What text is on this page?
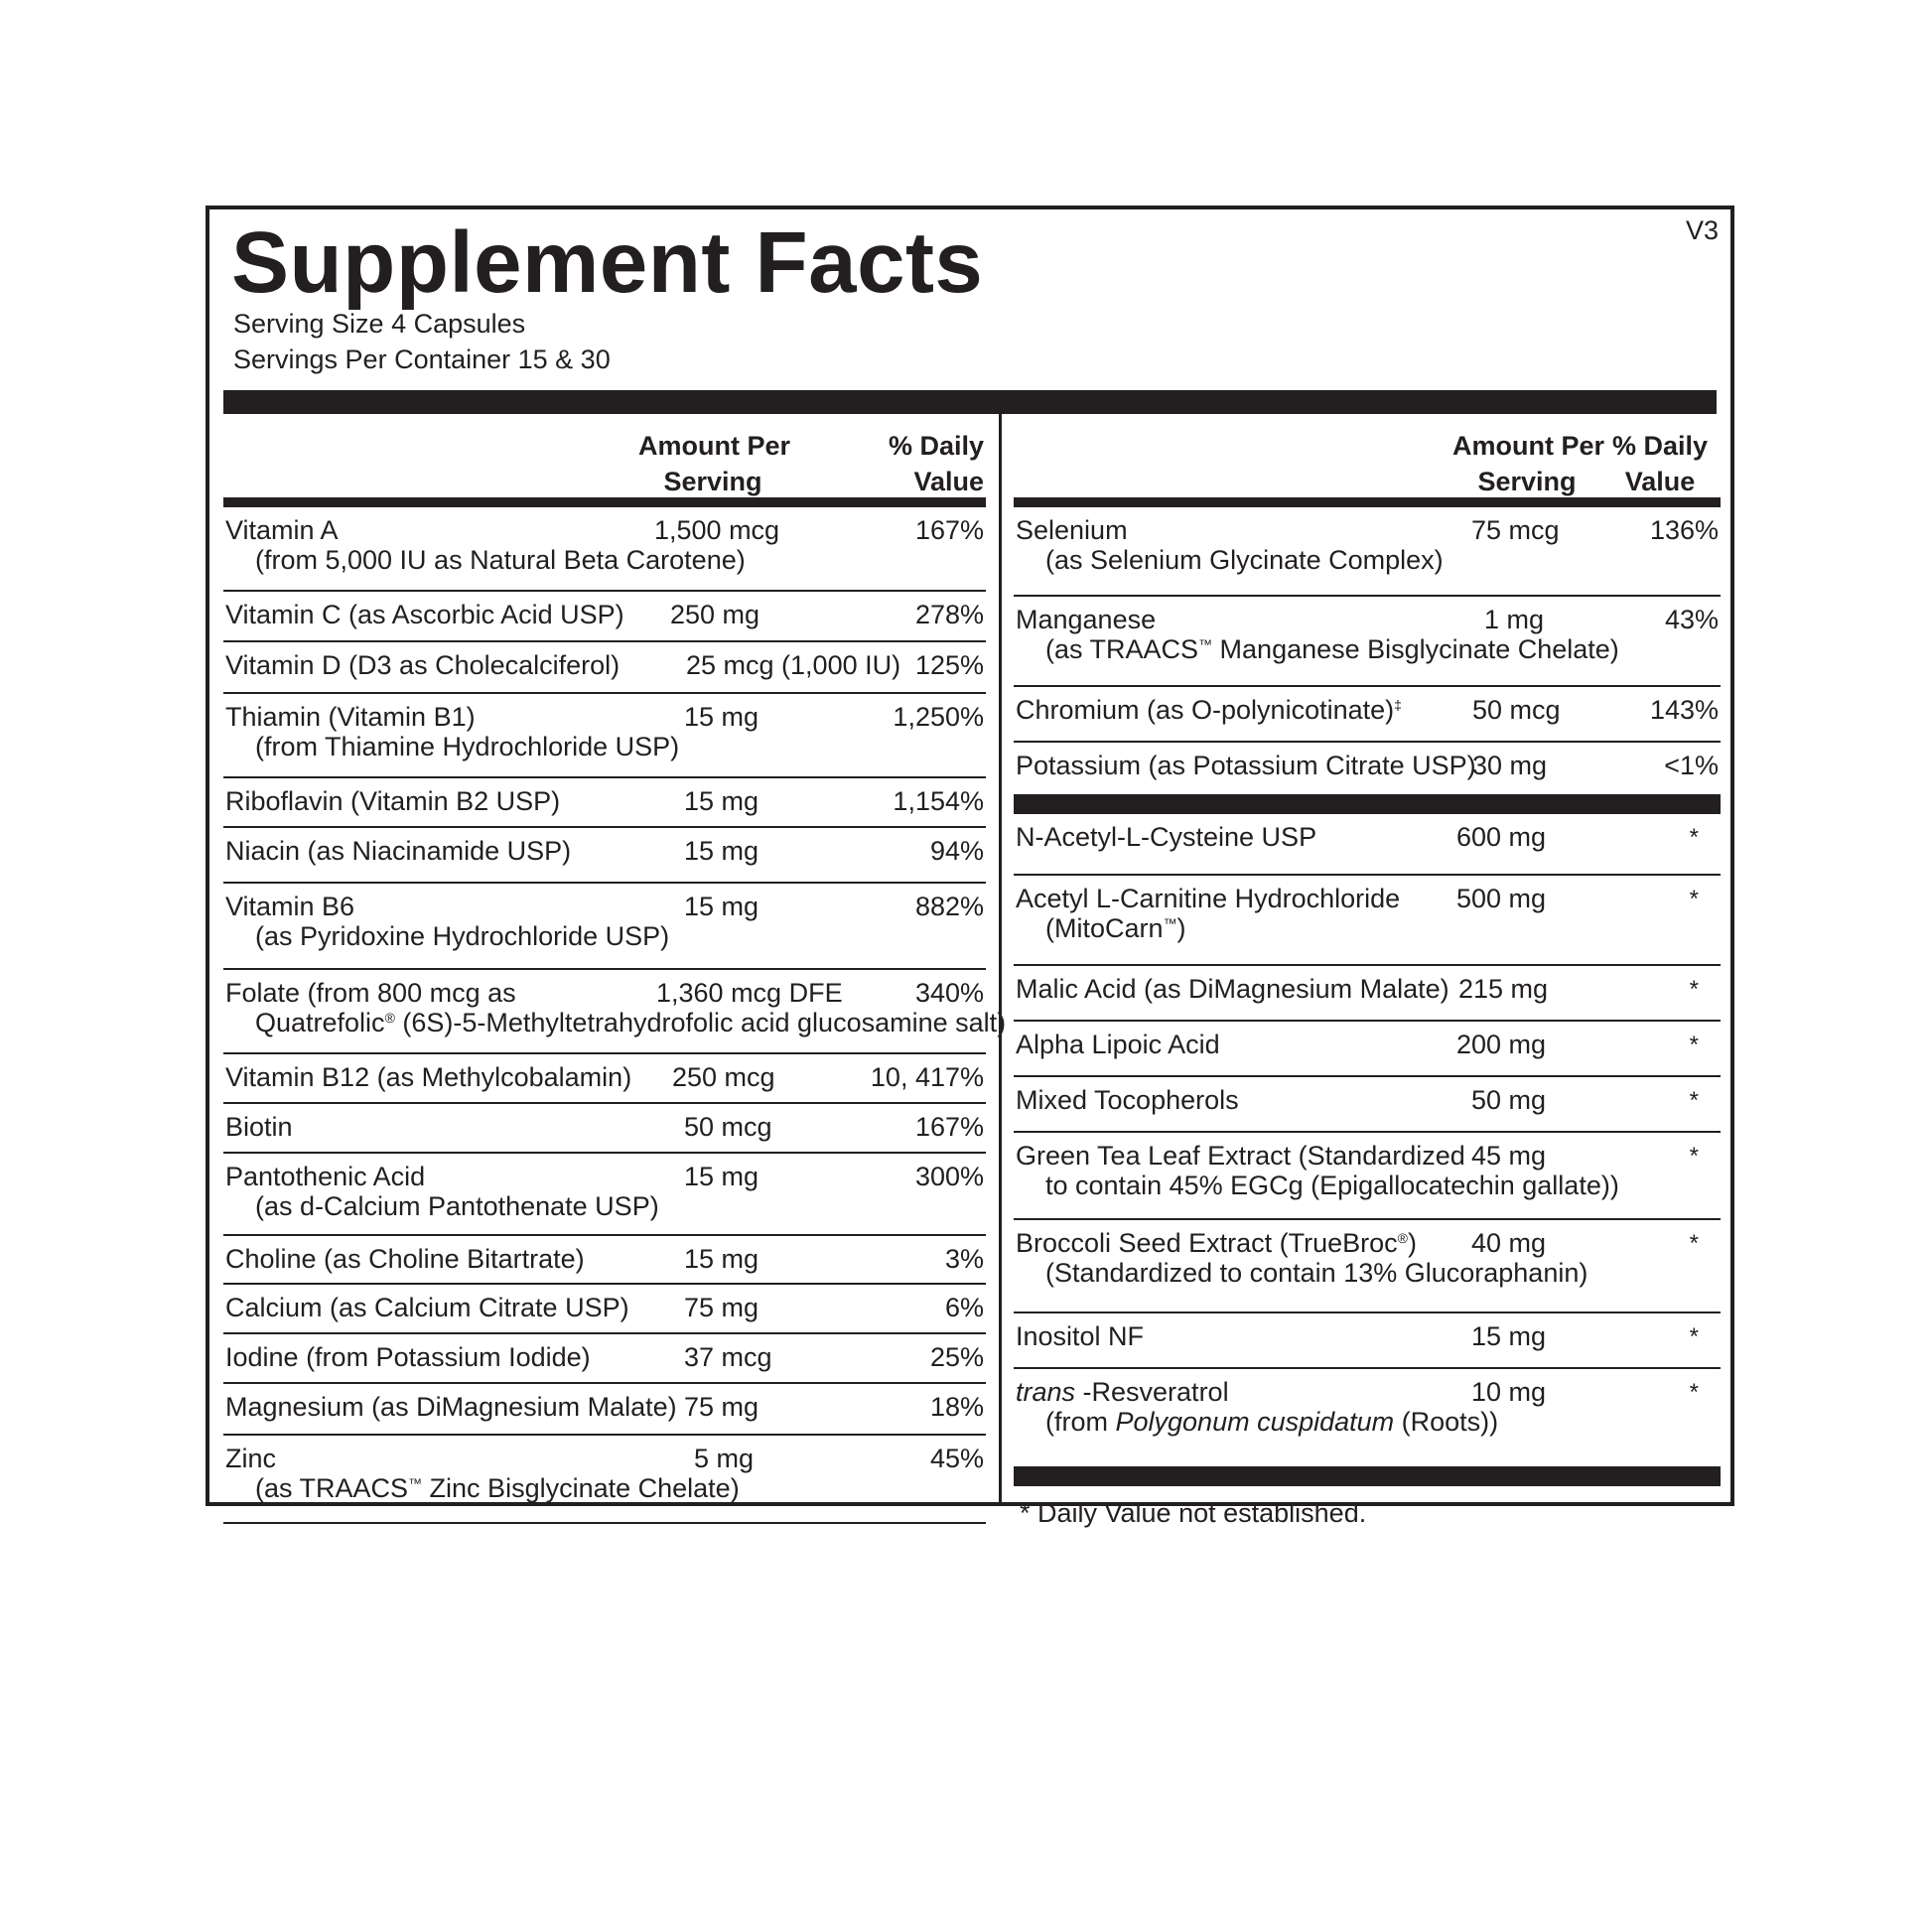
Supplement Facts	V3
Serving Size 4 Capsules
Servings Per Container 15 & 30
Amount Per
Serving
% Daily
Value
Vitamin A
(from 5,000 IU as Natural Beta Carotene)
1,500 mcg	167%
Vitamin C (as Ascorbic Acid USP) 250 mg	278%
Vitamin D (D3 as Cholecalciferol) 25 mcg (1,000 IU) 125%
Thiamin (Vitamin B1)
(from Thiamine Hydrochloride USP)
15 mg	1,250%
Riboflavin (Vitamin B2 USP)	15 mg	1,154%
Niacin (as Niacinamide USP)	15 mg	94%
Vitamin B6
(as Pyridoxine Hydrochloride USP)
15 mg	882%
Folate (from 800 mcg as
Quatrefolic® (6S)-5-Methyltetrahydrofolic acid glucosamine salt)
1,360 mcg DFE	340%
Vitamin B12 (as Methylcobalamin) 250 mcg	10, 417%
Biotin	50 mcg	167%
Pantothenic Acid
(as d-Calcium Pantothenate USP)
15 mg	300%
Choline (as Choline Bitartrate)	15 mg	3%
Calcium (as Calcium Citrate USP) 75 mg	6%
Iodine (from Potassium Iodide)	37 mcg	25%
Magnesium (as DiMagnesium Malate) 75 mg	18%
Zinc
(as TRAACS™ Zinc Bisglycinate Chelate)
5 mg	45%
Amount Per
Serving
% Daily
Value
Selenium
(as Selenium Glycinate Complex)
75 mcg	136%
Manganese
(as TRAACS™ Manganese Bisglycinate Chelate)
1 mg	43%
Chromium (as O-polynicotinate)‡	50 mcg	143%
Potassium (as Potassium Citrate USP)
30 mg	<1%
N-Acetyl-L-Cysteine USP	600 mg	*
Acetyl L-Carnitine Hydrochloride
(MitoCarn™)
500 mg	*
Malic Acid (as DiMagnesium Malate) 215 mg	*
Alpha Lipoic Acid	200 mg	*
Mixed Tocopherols	50 mg	*
Green Tea Leaf Extract (Standardized
to contain 45% EGCg (Epigallocatechin gallate))
45 mg	*
Broccoli Seed Extract (TrueBroc®)
(Standardized to contain 13% Glucoraphanin)
40 mg	*
Inositol NF	15 mg	*
trans -Resveratrol
(from Polygonum cuspidatum (Roots))
10 mg	*
* Daily Value not established.
